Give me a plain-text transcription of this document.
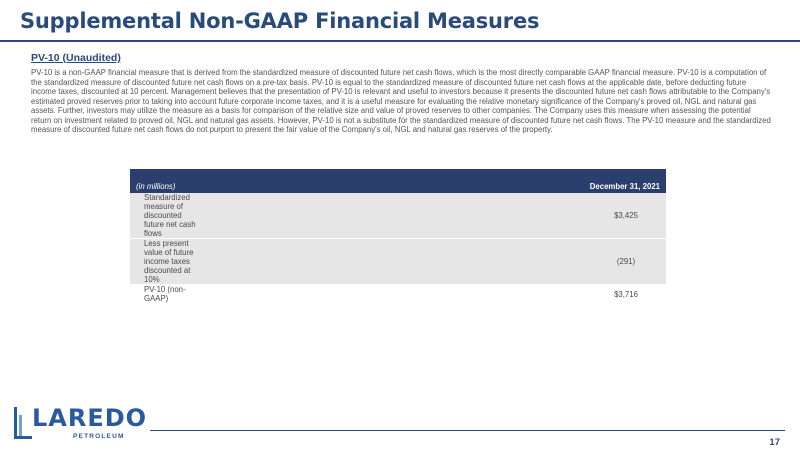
Supplemental Non-GAAP Financial Measures
PV-10 (Unaudited)
PV-10 is a non-GAAP financial measure that is derived from the standardized measure of discounted future net cash flows, which is the most directly comparable GAAP financial measure. PV-10 is a computation of the standardized measure of discounted future net cash flows on a pre-tax basis. PV-10 is equal to the standardized measure of discounted future net cash flows at the applicable date, before deducting future income taxes, discounted at 10 percent. Management believes that the presentation of PV-10 is relevant and useful to investors because it presents the discounted future net cash flows attributable to the Company's estimated proved reserves prior to taking into account future corporate income taxes, and it is a useful measure for evaluating the relative monetary significance of the Company's proved oil, NGL and natural gas assets. Further, investors may utilize the measure as a basis for comparison of the relative size and value of proved reserves to other companies. The Company uses this measure when assessing the potential return on investment related to proved oil, NGL and natural gas assets. However, PV-10 is not a substitute for the standardized measure of discounted future net cash flows. The PV-10 measure and the standardized measure of discounted future net cash flows do not purport to present the fair value of the Company's oil, NGL and natural gas reserves of the property.
(in millions)	December 31, 2021
Standardized measure of discounted future net cash flows	$3,425
Less present value of future income taxes discounted at 10%	(291)
PV-10 (non-GAAP)	$3,716
LAREDO
PETROLEUM
17
